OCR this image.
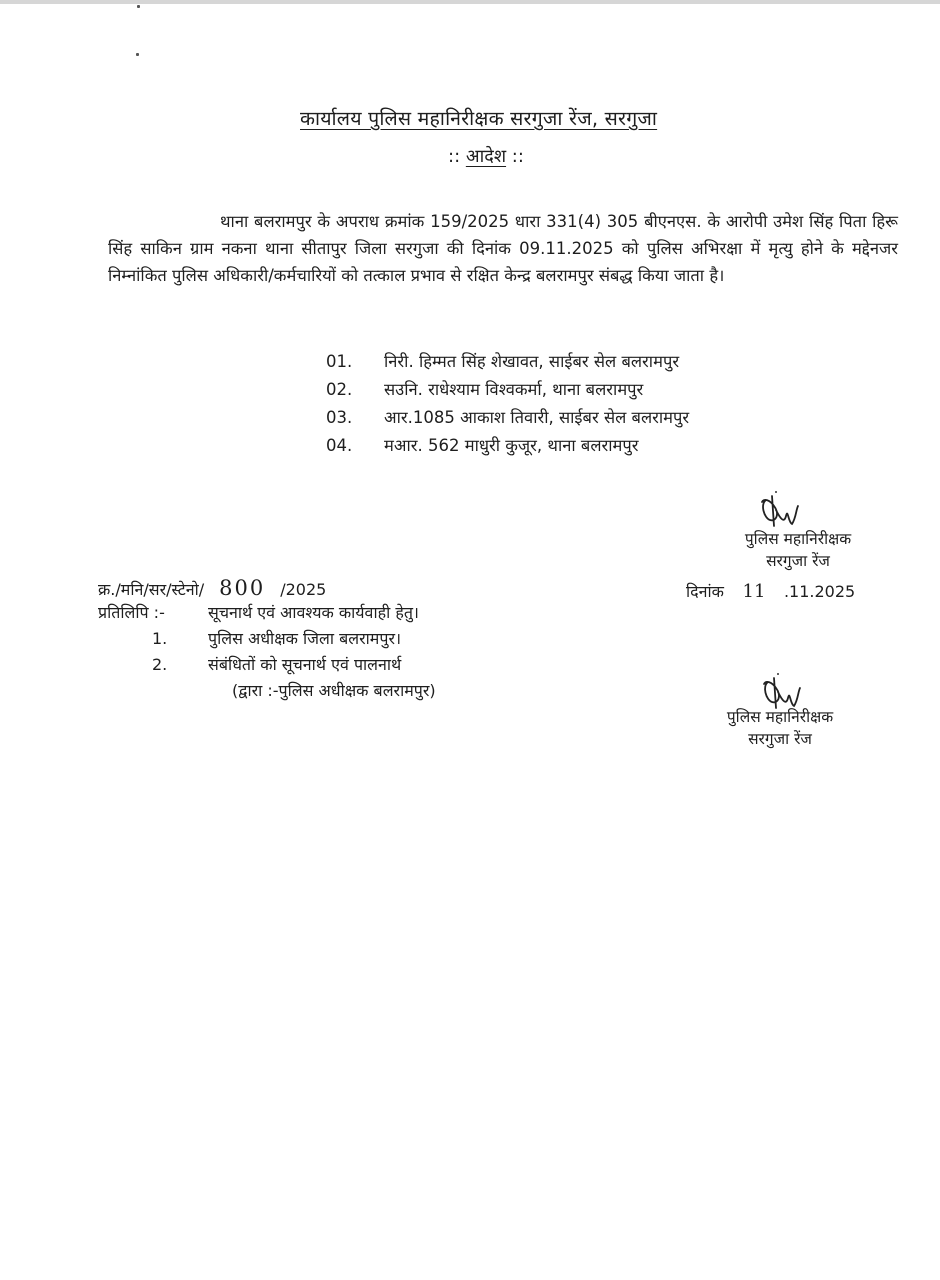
कार्यालय पुलिस महानिरीक्षक सरगुजा रेंज, सरगुजा
:: आदेश ::
थाना बलरामपुर के अपराध क्रमांक 159/2025 धारा 331(4) 305 बीएनएस. के आरोपी उमेश सिंह पिता हिरू सिंह साकिन ग्राम नकना थाना सीतापुर जिला सरगुजा की दिनांक 09.11.2025 को पुलिस अभिरक्षा में मृत्यु होने के मद्देनजर निम्नांकित पुलिस अधिकारी/कर्मचारियों को तत्काल प्रभाव से रक्षित केन्द्र बलरामपुर संबद्ध किया जाता है।
01.	निरी. हिम्मत सिंह शेखावत, साईबर सेल बलरामपुर
02.	सउनि. राधेश्याम विश्वकर्मा, थाना बलरामपुर
03.	आर.1085 आकाश तिवारी, साईबर सेल बलरामपुर
04.	मआर. 562 माधुरी कुजूर, थाना बलरामपुर
पुलिस महानिरीक्षक
सरगुजा रेंज
क्र./मनि/सर/स्टेनो/ 800 /2025	दिनांक 11 .11.2025
प्रतिलिपि :-	सूचनार्थ एवं आवश्यक कार्यवाही हेतु।
1.	पुलिस अधीक्षक जिला बलरामपुर।
2.	संबंधितों को सूचनार्थ एवं पालनार्थ
(द्वारा :-पुलिस अधीक्षक बलरामपुर)
पुलिस महानिरीक्षक
सरगुजा रेंज
